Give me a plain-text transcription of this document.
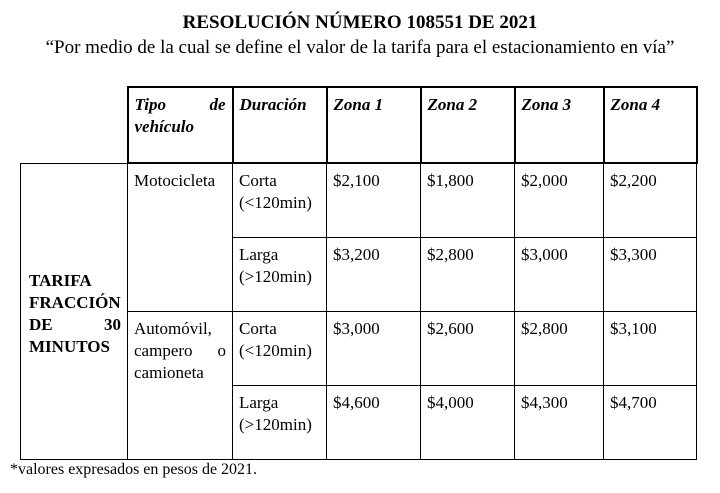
RESOLUCIÓN NÚMERO 108551 DE 2021
“Por medio de la cual se define el valor de la tarifa para el estacionamiento en vía”
	Tipo de vehículo	Duración	Zona 1	Zona 2	Zona 3	Zona 4
TARIFA FRACCIÓN DE 30 MINUTOS	Motocicleta	Corta (<120min)	$2,100	$1,800	$2,000	$2,200
		Larga (>120min)	$3,200	$2,800	$3,000	$3,300
	Automóvil, campero o camioneta	Corta (<120min)	$3,000	$2,600	$2,800	$3,100
		Larga (>120min)	$4,600	$4,000	$4,300	$4,700
*valores expresados en pesos de 2021.
